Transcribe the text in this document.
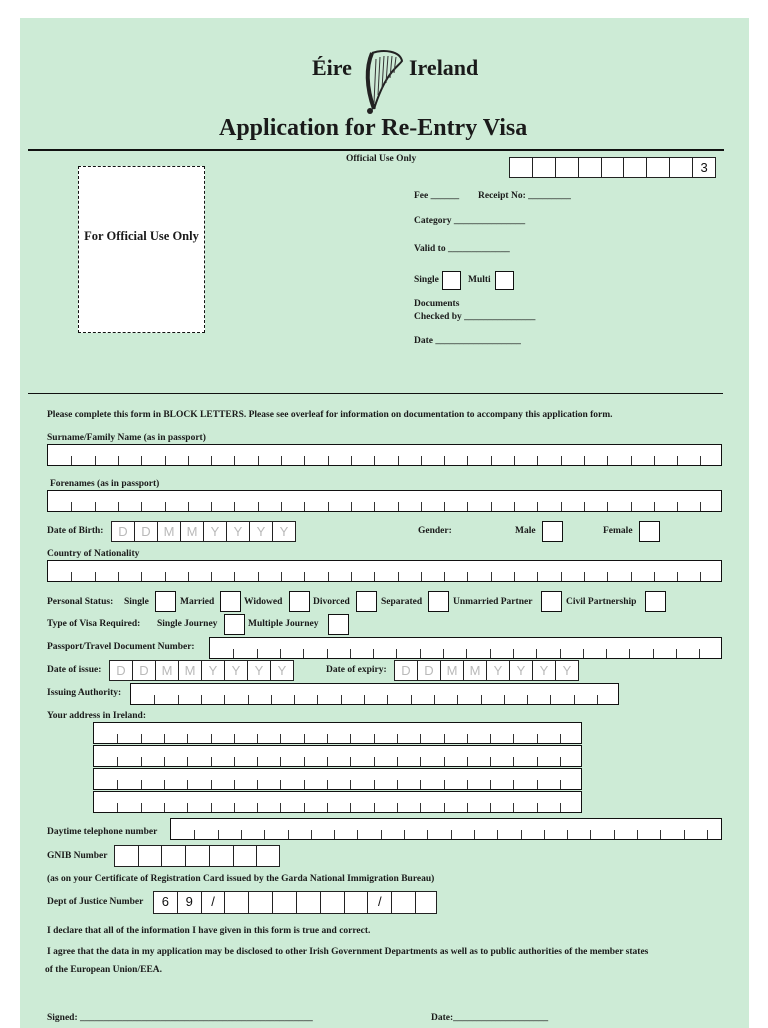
Éire	Ireland
Application for Re-Entry Visa
Official Use Only
3
For Official Use Only
Fee ______ Receipt No: _________
Category _______________
Valid to _____________
Single	Multi
Documents
Checked by _______________
Date __________________
Please complete this form in BLOCK LETTERS. Please see overleaf for information on documentation to accompany this application form.
Surname/Family Name (as in passport)
Forenames (as in passport)
Date of Birth:	D	D M M	Y	Y	Y	Y	Gender:	Male	Female
Country of Nationality
Personal Status: Single	Married	Widowed	Divorced	Separated	Unmarried Partner	Civil Partnership
Type of Visa Required: Single Journey	Multiple Journey
Passport/Travel Document Number:
Date of issue:	D	D M M	Y	Y	Y	Y	Date of expiry:	D	D M M	Y	Y	Y	Y
Issuing Authority:
Your address in Ireland:
Daytime telephone number
GNIB Number
(as on your Certificate of Registration Card issued by the Garda National Immigration Bureau)
Dept of Justice Number	6	9	/	/
I declare that all of the information I have given in this form is true and correct.
I agree that the data in my application may be disclosed to other Irish Government Departments as well as to public authorities of the member states
of the European Union/EEA.
Signed: _________________________________________________	Date:____________________
